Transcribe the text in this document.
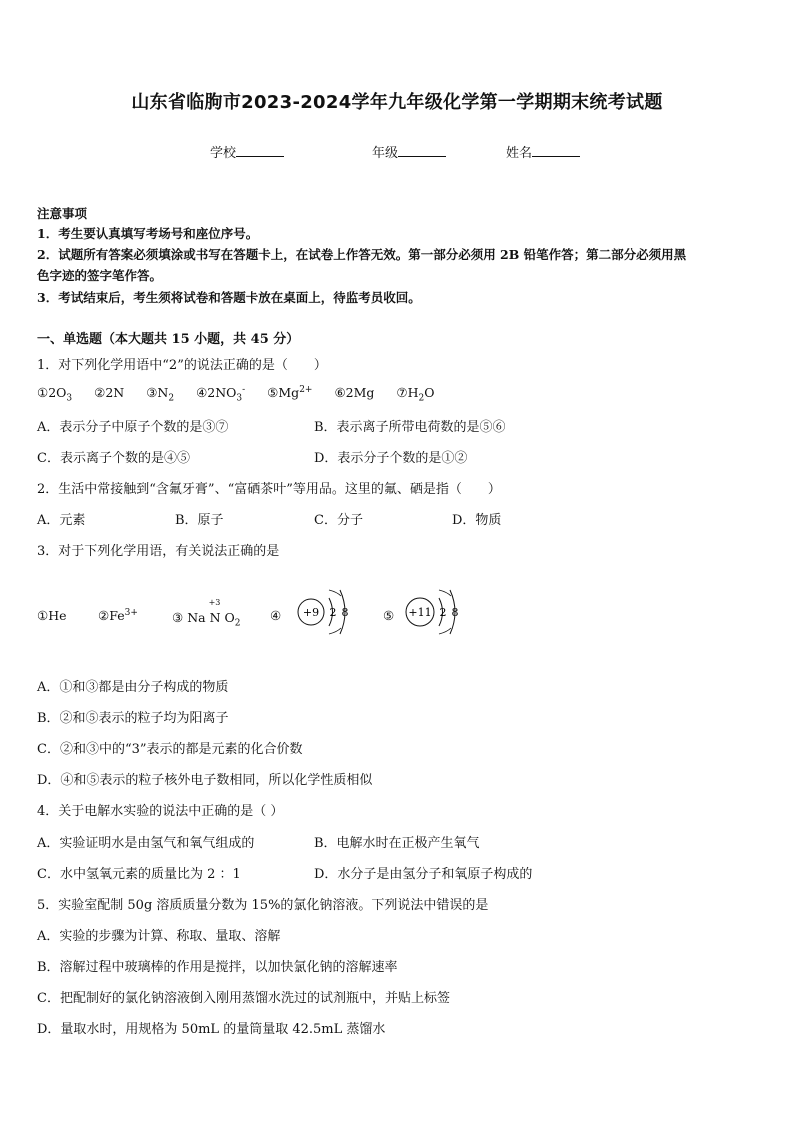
山东省临朐市2023-2024学年九年级化学第一学期期末统考试题
学校	年级	姓名
注意事项
1．考生要认真填写考场号和座位序号。
2．试题所有答案必须填涂或书写在答题卡上，在试卷上作答无效。第一部分必须用 2B 铅笔作答；第二部分必须用黑
色字迹的签字笔作答。
3．考试结束后，考生须将试卷和答题卡放在桌面上，待监考员收回。
一、单选题（本大题共 15 小题，共 45 分）
1．对下列化学用语中“2”的说法正确的是（　　）
$①2O_3$ ②2N $③N_2$ $④2NO_3^-$ $⑤Mg^{2+}$ ⑥2Mg $⑦H_2O$
A．表示分子中原子个数的是③⑦	B．表示离子所带电荷数的是⑤⑥
C．表示离子个数的是④⑤	D．表示分子个数的是①②
2．生活中常接触到“含氟牙膏”、“富硒茶叶”等用品。这里的氟、硒是指（　　）
A．元素	B．原子	C．分子	D．物质
3．对于下列化学用语，有关说法正确的是
①He	$②Fe^{3+}$	③ Na
+3
N $O_2$
④ +9 2 8	⑤ +11 2 8
A．①和③都是由分子构成的物质
B．②和⑤表示的粒子均为阳离子
C．②和③中的“3”表示的都是元素的化合价数
D．④和⑤表示的粒子核外电子数相同，所以化学性质相似
4．关于电解水实验的说法中正确的是（ ）
A．实验证明水是由氢气和氧气组成的	B．电解水时在正极产生氧气
C．水中氢氧元素的质量比为 2 ：1	D．水分子是由氢分子和氧原子构成的
5．实验室配制 50g 溶质质量分数为 15%的氯化钠溶液。下列说法中错误的是
A．实验的步骤为计算、称取、量取、溶解
B．溶解过程中玻璃棒的作用是搅拌，以加快氯化钠的溶解速率
C．把配制好的氯化钠溶液倒入刚用蒸馏水洗过的试剂瓶中，并贴上标签
D．量取水时，用规格为 50mL 的量筒量取 42.5mL 蒸馏水
